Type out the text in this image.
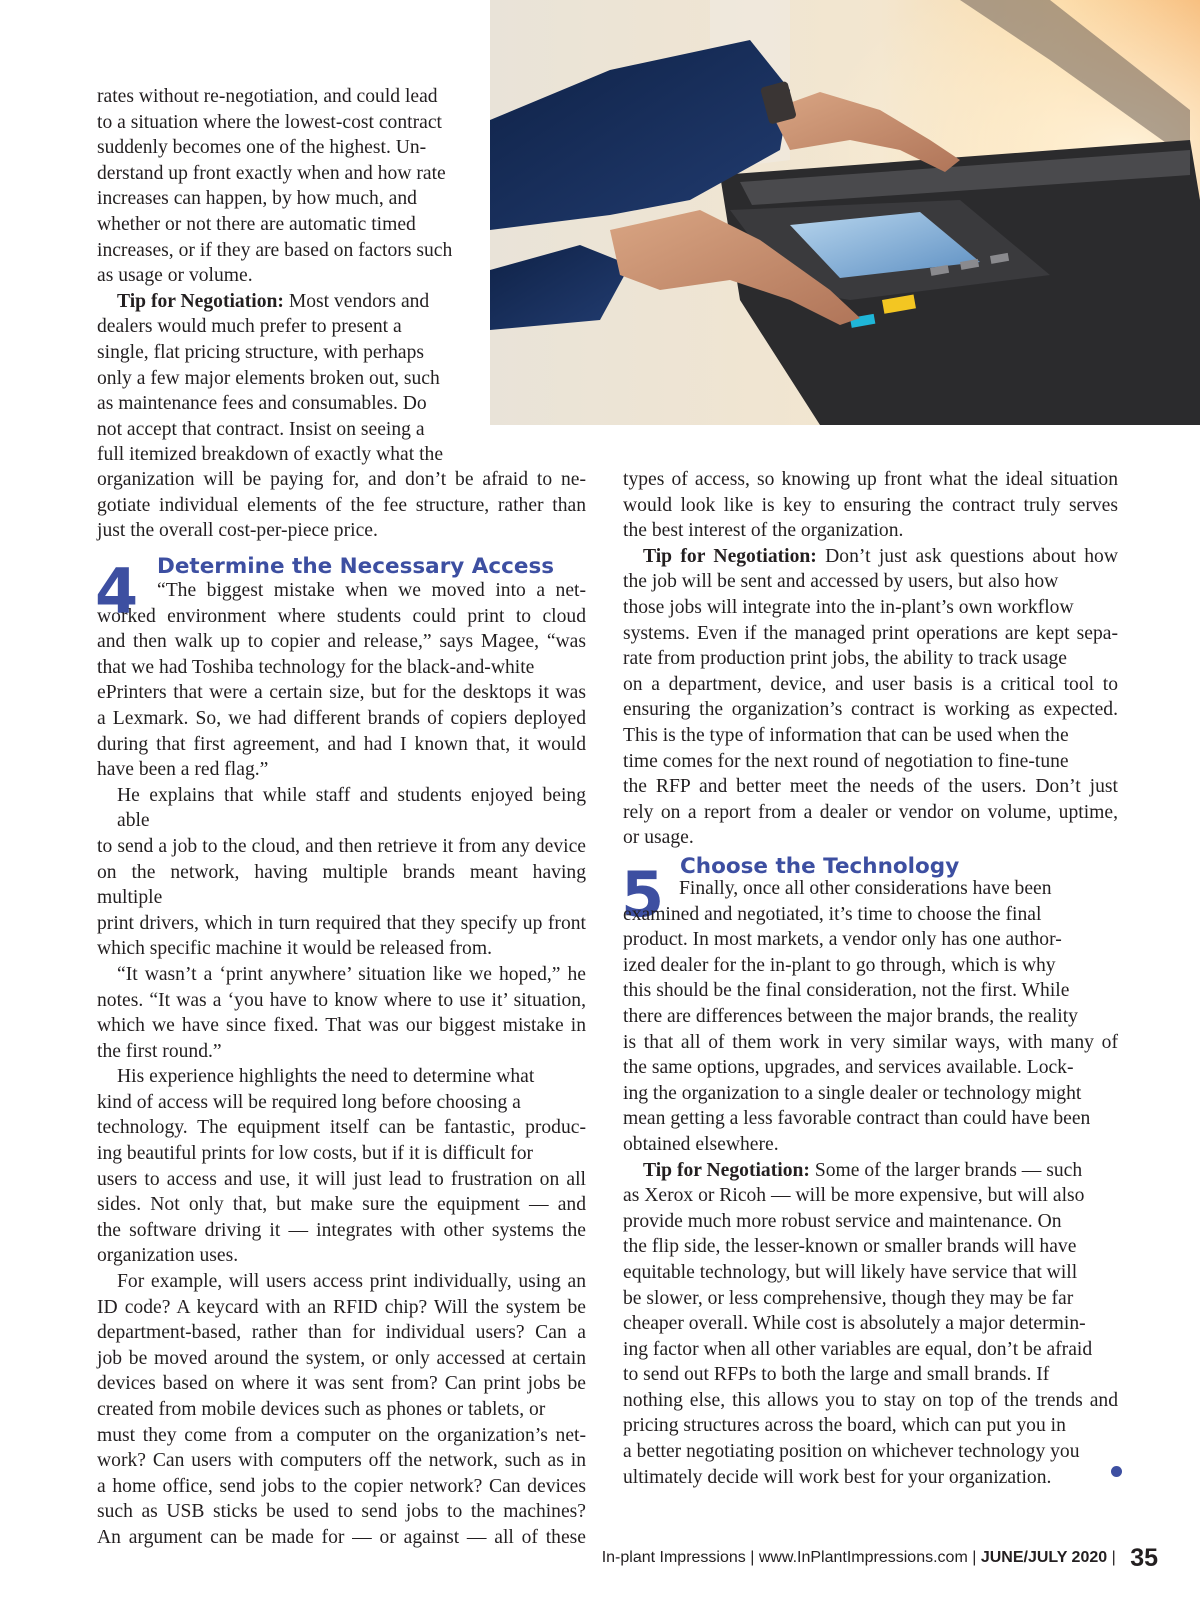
rates without re-negotiation, and could lead
to a situation where the lowest-cost contract
suddenly becomes one of the highest. Un-
derstand up front exactly when and how rate
increases can happen, by how much, and
whether or not there are automatic timed
increases, or if they are based on factors such
as usage or volume.
Tip for Negotiation: Most vendors and
dealers would much prefer to present a
single, flat pricing structure, with perhaps
only a few major elements broken out, such
as maintenance fees and consumables. Do
not accept that contract. Insist on seeing a
full itemized breakdown of exactly what the
organization will be paying for, and don’t be afraid to ne-
gotiate individual elements of the fee structure, rather than
just the overall cost-per-piece price.
4 Determine the Necessary Access
“The biggest mistake when we moved into a net-
worked environment where students could print to cloud
and then walk up to copier and release,” says Magee, “was
that we had Toshiba technology for the black-and-white
ePrinters that were a certain size, but for the desktops it was
a Lexmark. So, we had different brands of copiers deployed
during that first agreement, and had I known that, it would
have been a red flag.”
He explains that while staff and students enjoyed being able
to send a job to the cloud, and then retrieve it from any device
on the network, having multiple brands meant having multiple
print drivers, which in turn required that they specify up front
which specific machine it would be released from.
“It wasn’t a ‘print anywhere’ situation like we hoped,” he
notes. “It was a ‘you have to know where to use it’ situation,
which we have since fixed. That was our biggest mistake in
the first round.”
His experience highlights the need to determine what
kind of access will be required long before choosing a
technology. The equipment itself can be fantastic, produc-
ing beautiful prints for low costs, but if it is difficult for
users to access and use, it will just lead to frustration on all
sides. Not only that, but make sure the equipment — and
the software driving it — integrates with other systems the
organization uses.
For example, will users access print individually, using an
ID code? A keycard with an RFID chip? Will the system be
department-based, rather than for individual users? Can a
job be moved around the system, or only accessed at certain
devices based on where it was sent from? Can print jobs be
created from mobile devices such as phones or tablets, or
must they come from a computer on the organization’s net-
work? Can users with computers off the network, such as in
a home office, send jobs to the copier network? Can devices
such as USB sticks be used to send jobs to the machines?
An argument can be made for — or against — all of these
types of access, so knowing up front what the ideal situation
would look like is key to ensuring the contract truly serves
the best interest of the organization.
Tip for Negotiation: Don’t just ask questions about how
the job will be sent and accessed by users, but also how
those jobs will integrate into the in-plant’s own workflow
systems. Even if the managed print operations are kept sepa-
rate from production print jobs, the ability to track usage
on a department, device, and user basis is a critical tool to
ensuring the organization’s contract is working as expected.
This is the type of information that can be used when the
time comes for the next round of negotiation to fine-tune
the RFP and better meet the needs of the users. Don’t just
rely on a report from a dealer or vendor on volume, uptime,
or usage.
5 Choose the Technology
Finally, once all other considerations have been
examined and negotiated, it’s time to choose the final
product. In most markets, a vendor only has one author-
ized dealer for the in-plant to go through, which is why
this should be the final consideration, not the first. While
there are differences between the major brands, the reality
is that all of them work in very similar ways, with many of
the same options, upgrades, and services available. Lock-
ing the organization to a single dealer or technology might
mean getting a less favorable contract than could have been
obtained elsewhere.
Tip for Negotiation: Some of the larger brands — such
as Xerox or Ricoh — will be more expensive, but will also
provide much more robust service and maintenance. On
the flip side, the lesser-known or smaller brands will have
equitable technology, but will likely have service that will
be slower, or less comprehensive, though they may be far
cheaper overall. While cost is absolutely a major determin-
ing factor when all other variables are equal, don’t be afraid
to send out RFPs to both the large and small brands. If
nothing else, this allows you to stay on top of the trends and
pricing structures across the board, which can put you in
a better negotiating position on whichever technology you
ultimately decide will work best for your organization.
In-plant Impressions | www.InPlantImpressions.com | JUNE/JULY 2020 | 35
